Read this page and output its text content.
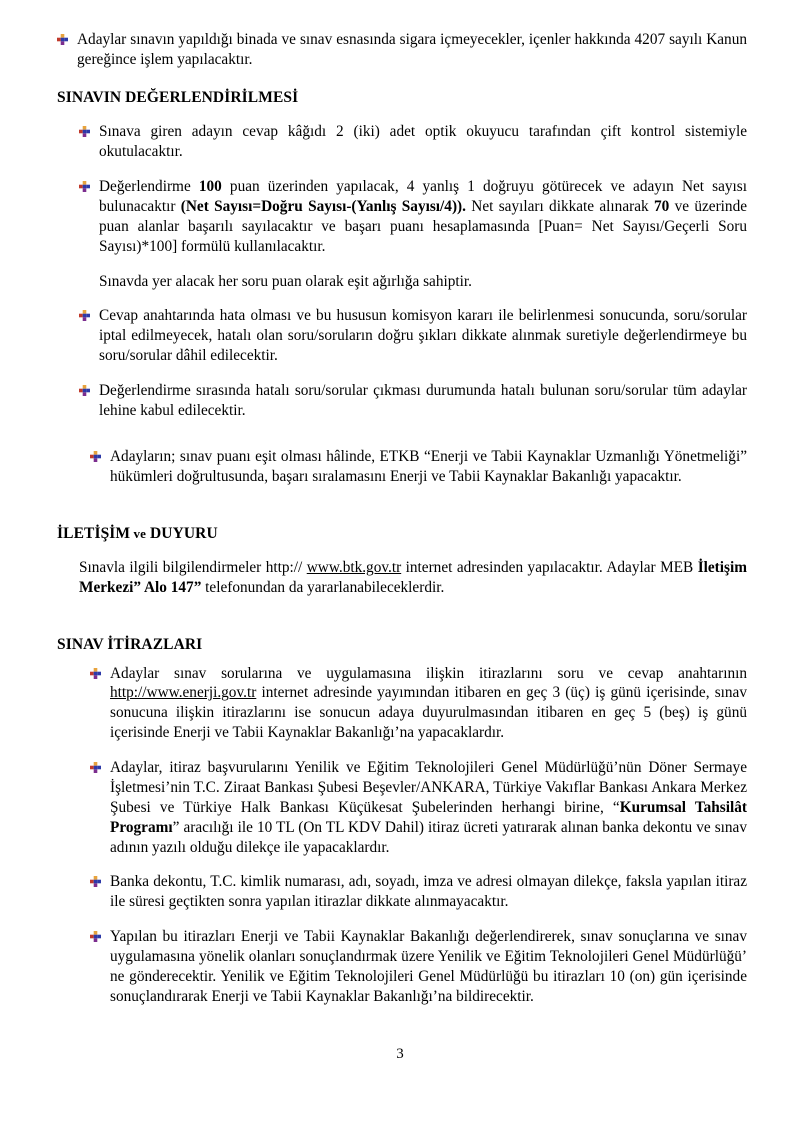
Adaylar sınavın yapıldığı binada ve sınav esnasında sigara içmeyecekler, içenler hakkında 4207 sayılı Kanun gereğince işlem yapılacaktır.

SINAVIN DEĞERLENDİRİLMESİ

Sınava giren adayın cevap kâğıdı 2 (iki) adet optik okuyucu tarafından çift kontrol sistemiyle okutulacaktır.

Değerlendirme 100 puan üzerinden yapılacak, 4 yanlış 1 doğruyu götürecek ve adayın Net sayısı bulunacaktır (Net Sayısı=Doğru Sayısı-(Yanlış Sayısı/4)). Net sayıları dikkate alınarak 70 ve üzerinde puan alanlar başarılı sayılacaktır ve başarı puanı hesaplamasında [Puan= Net Sayısı/Geçerli Soru Sayısı)*100] formülü kullanılacaktır.

Sınavda yer alacak her soru puan olarak eşit ağırlığa sahiptir.

Cevap anahtarında hata olması ve bu hususun komisyon kararı ile belirlenmesi sonucunda, soru/sorular iptal edilmeyecek, hatalı olan soru/soruların doğru şıkları dikkate alınmak suretiyle değerlendirmeye bu soru/sorular dâhil edilecektir.

Değerlendirme sırasında hatalı soru/sorular çıkması durumunda hatalı bulunan soru/sorular tüm adaylar lehine kabul edilecektir.

Adayların; sınav puanı eşit olması hâlinde, ETKB “Enerji ve Tabii Kaynaklar Uzmanlığı Yönetmeliği” hükümleri doğrultusunda, başarı sıralamasını Enerji ve Tabii Kaynaklar Bakanlığı yapacaktır.

İLETİŞİM ve DUYURU

Sınavla ilgili bilgilendirmeler http:// www.btk.gov.tr internet adresinden yapılacaktır. Adaylar MEB İletişim Merkezi” Alo 147” telefonundan da yararlanabileceklerdir.

SINAV İTİRAZLARI

Adaylar sınav sorularına ve uygulamasına ilişkin itirazlarını soru ve cevap anahtarının http://www.enerji.gov.tr internet adresinde yayımından itibaren en geç 3 (üç) iş günü içerisinde, sınav sonucuna ilişkin itirazlarını ise sonucun adaya duyurulmasından itibaren en geç 5 (beş) iş günü içerisinde Enerji ve Tabii Kaynaklar Bakanlığı’na yapacaklardır.

Adaylar, itiraz başvurularını Yenilik ve Eğitim Teknolojileri Genel Müdürlüğü’nün Döner Sermaye İşletmesi’nin T.C. Ziraat Bankası Şubesi Beşevler/ANKARA, Türkiye Vakıflar Bankası Ankara Merkez Şubesi ve Türkiye Halk Bankası Küçükesat Şubelerinden herhangi birine, “Kurumsal Tahsilât Programı” aracılığı ile 10 TL (On TL KDV Dahil) itiraz ücreti yatırarak alınan banka dekontu ve sınav adının yazılı olduğu dilekçe ile yapacaklardır.

Banka dekontu, T.C. kimlik numarası, adı, soyadı, imza ve adresi olmayan dilekçe, faksla yapılan itiraz ile süresi geçtikten sonra yapılan itirazlar dikkate alınmayacaktır.

Yapılan bu itirazları Enerji ve Tabii Kaynaklar Bakanlığı değerlendirerek, sınav sonuçlarına ve sınav uygulamasına yönelik olanları sonuçlandırmak üzere Yenilik ve Eğitim Teknolojileri Genel Müdürlüğü’ ne gönderecektir. Yenilik ve Eğitim Teknolojileri Genel Müdürlüğü bu itirazları 10 (on) gün içerisinde sonuçlandırarak Enerji ve Tabii Kaynaklar Bakanlığı’na bildirecektir.

3
